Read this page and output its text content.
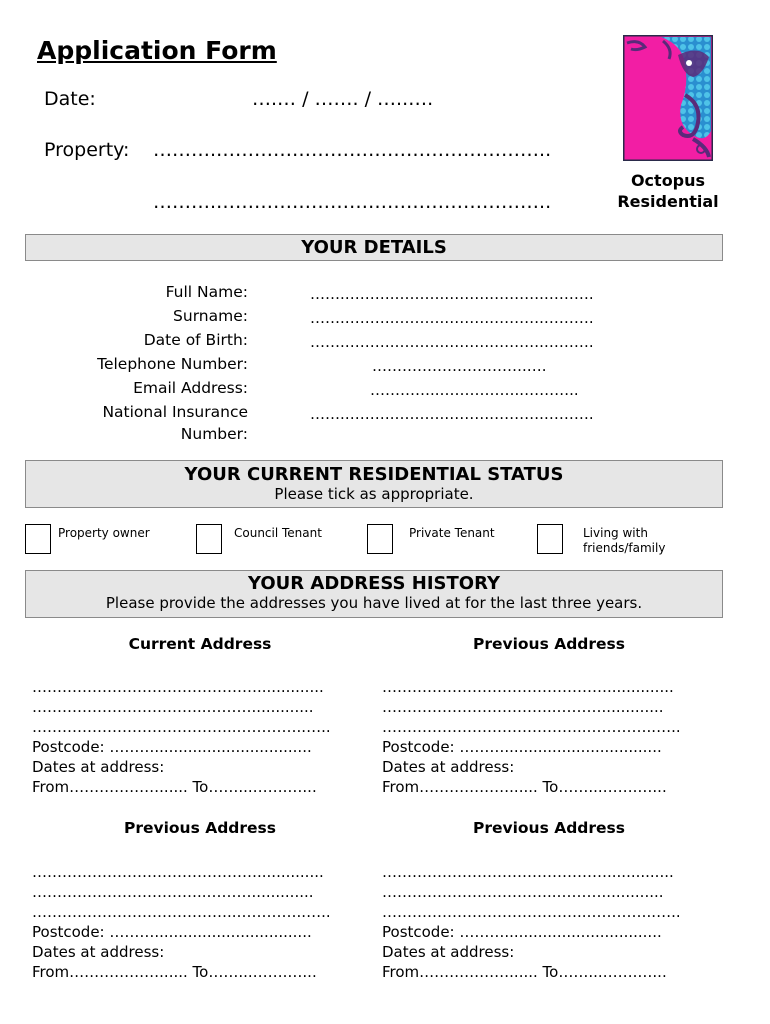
Application Form
Date:	….… / ……. / …..….
Property: ……….……………………………………………..
……….……………………………………………..
Octopus
Residential
YOUR DETAILS
Full Name:	…….……….……….……….……….……….
Surname:	…….……….……….……….……….……….
Date of Birth:	…….……….……….……….……….……….
Telephone Number:	………………………….….
Email Address:	…………..……………..………..
National Insurance
Number:
…….……….……….……….……….……….
YOUR CURRENT RESIDENTIAL STATUS
Please tick as appropriate.
Property owner	Council Tenant	Private Tenant	Living with
friends/family
YOUR ADDRESS HISTORY
Please provide the addresses you have lived at for the last three years.
Current Address
………………………………………..............
……………………………..……….............
…………………………………..…………..…..
Postcode: ……….................................
Dates at address:
From………………...... To……...…….…...
Previous Address
………………………………………..............
……………………………..……….............
…………………………………..…………..…..
Postcode: ……….................................
Dates at address:
From………………...... To……...…….…...
Previous Address
………………………………………..............
……………………………..……….............
…………………………………..…………..…..
Postcode: ……….................................
Dates at address:
From………………...... To……...…….…...
Previous Address
………………………………………..............
……………………………..……….............
…………………………………..…………..…..
Postcode: ……….................................
Dates at address:
From………………...... To……...…….…...
